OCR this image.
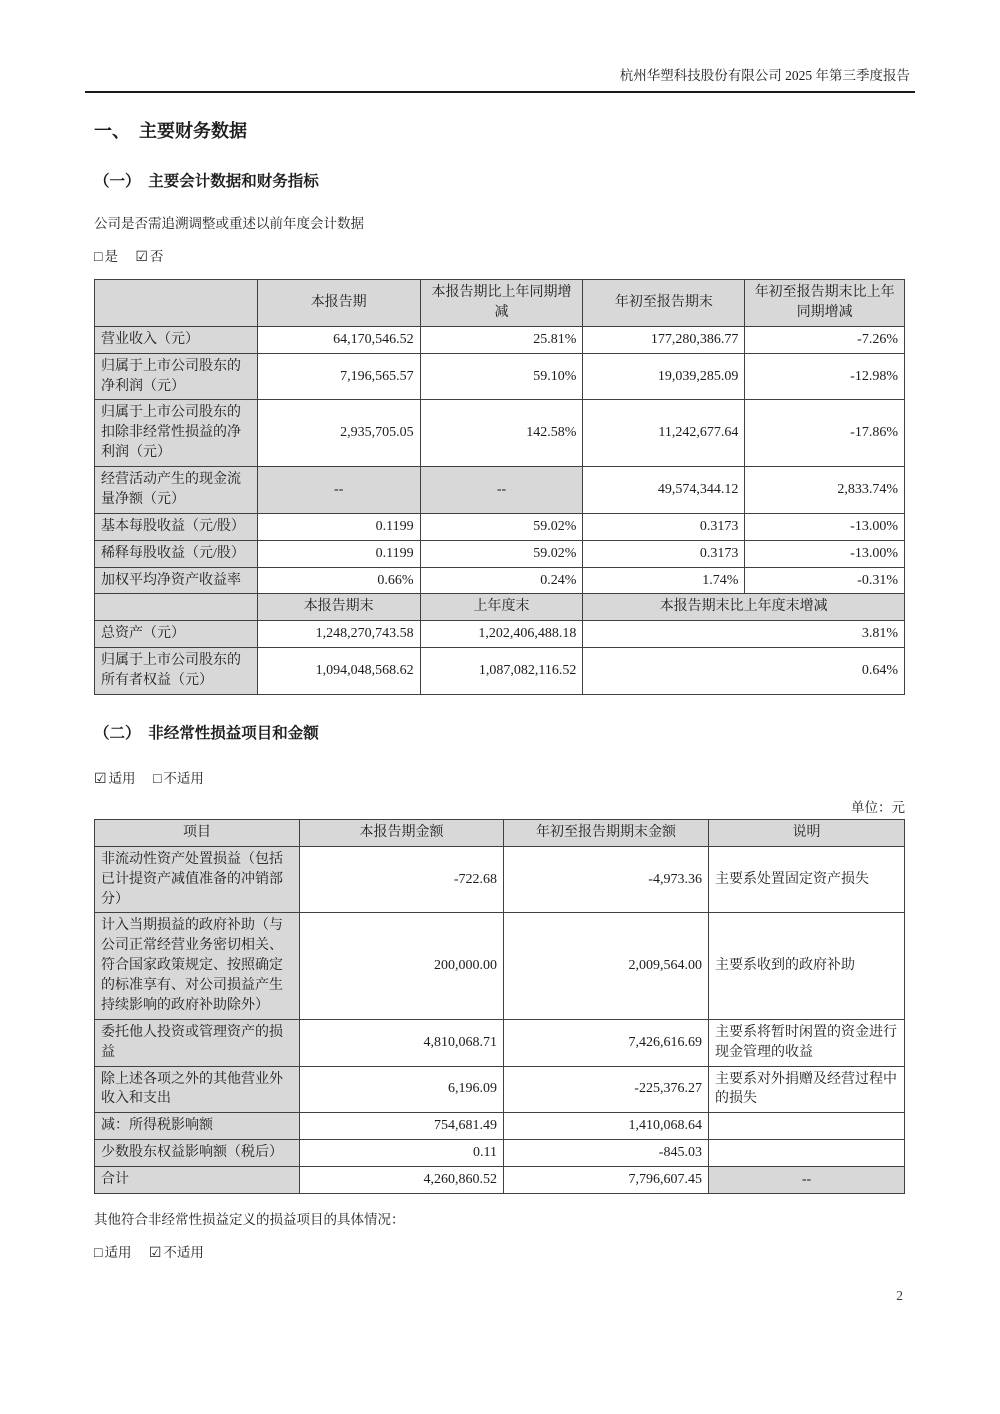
杭州华塑科技股份有限公司 2025 年第三季度报告
一、　主要财务数据
（一）　主要会计数据和财务指标

公司是否需追溯调整或重述以前年度会计数据

□ 是 ☑ 否
	本报告期	本报告期比上年同期增减	年初至报告期末	年初至报告期末比上年同期增减
营业收入（元）	64,170,546.52	25.81%	177,280,386.77	-7.26%
归属于上市公司股东的净利润（元）	7,196,565.57	59.10%	19,039,285.09	-12.98%
归属于上市公司股东的扣除非经常性损益的净利润（元）	2,935,705.05	142.58%	11,242,677.64	-17.86%
经营活动产生的现金流量净额（元）	--	--	49,574,344.12	2,833.74%
基本每股收益（元/股）	0.1199	59.02%	0.3173	-13.00%
稀释每股收益（元/股）	0.1199	59.02%	0.3173	-13.00%
加权平均净资产收益率	0.66%	0.24%	1.74%	-0.31%
	本报告期末	上年度末	本报告期末比上年度末增减	
总资产（元）	1,248,270,743.58	1,202,406,488.18	3.81%	
归属于上市公司股东的所有者权益（元）	1,094,048,568.62	1,087,082,116.52	0.64%	
（二）　非经常性损益项目和金额
☑ 适用 □ 不适用
单位：元
项目	本报告期金额	年初至报告期期末金额	说明
非流动性资产处置损益（包括已计提资产减值准备的冲销部分）	-722.68	-4,973.36	主要系处置固定资产损失
计入当期损益的政府补助（与公司正常经营业务密切相关、符合国家政策规定、按照确定的标准享有、对公司损益产生持续影响的政府补助除外）	200,000.00	2,009,564.00	主要系收到的政府补助
委托他人投资或管理资产的损益	4,810,068.71	7,426,616.69	主要系将暂时闲置的资金进行现金管理的收益
除上述各项之外的其他营业外收入和支出	6,196.09	-225,376.27	主要系对外捐赠及经营过程中的损失
减：所得税影响额	754,681.49	1,410,068.64	
少数股东权益影响额（税后）	0.11	-845.03	
合计	4,260,860.52	7,796,607.45	--

其他符合非经常性损益定义的损益项目的具体情况：

□ 适用 ☑ 不适用
2
